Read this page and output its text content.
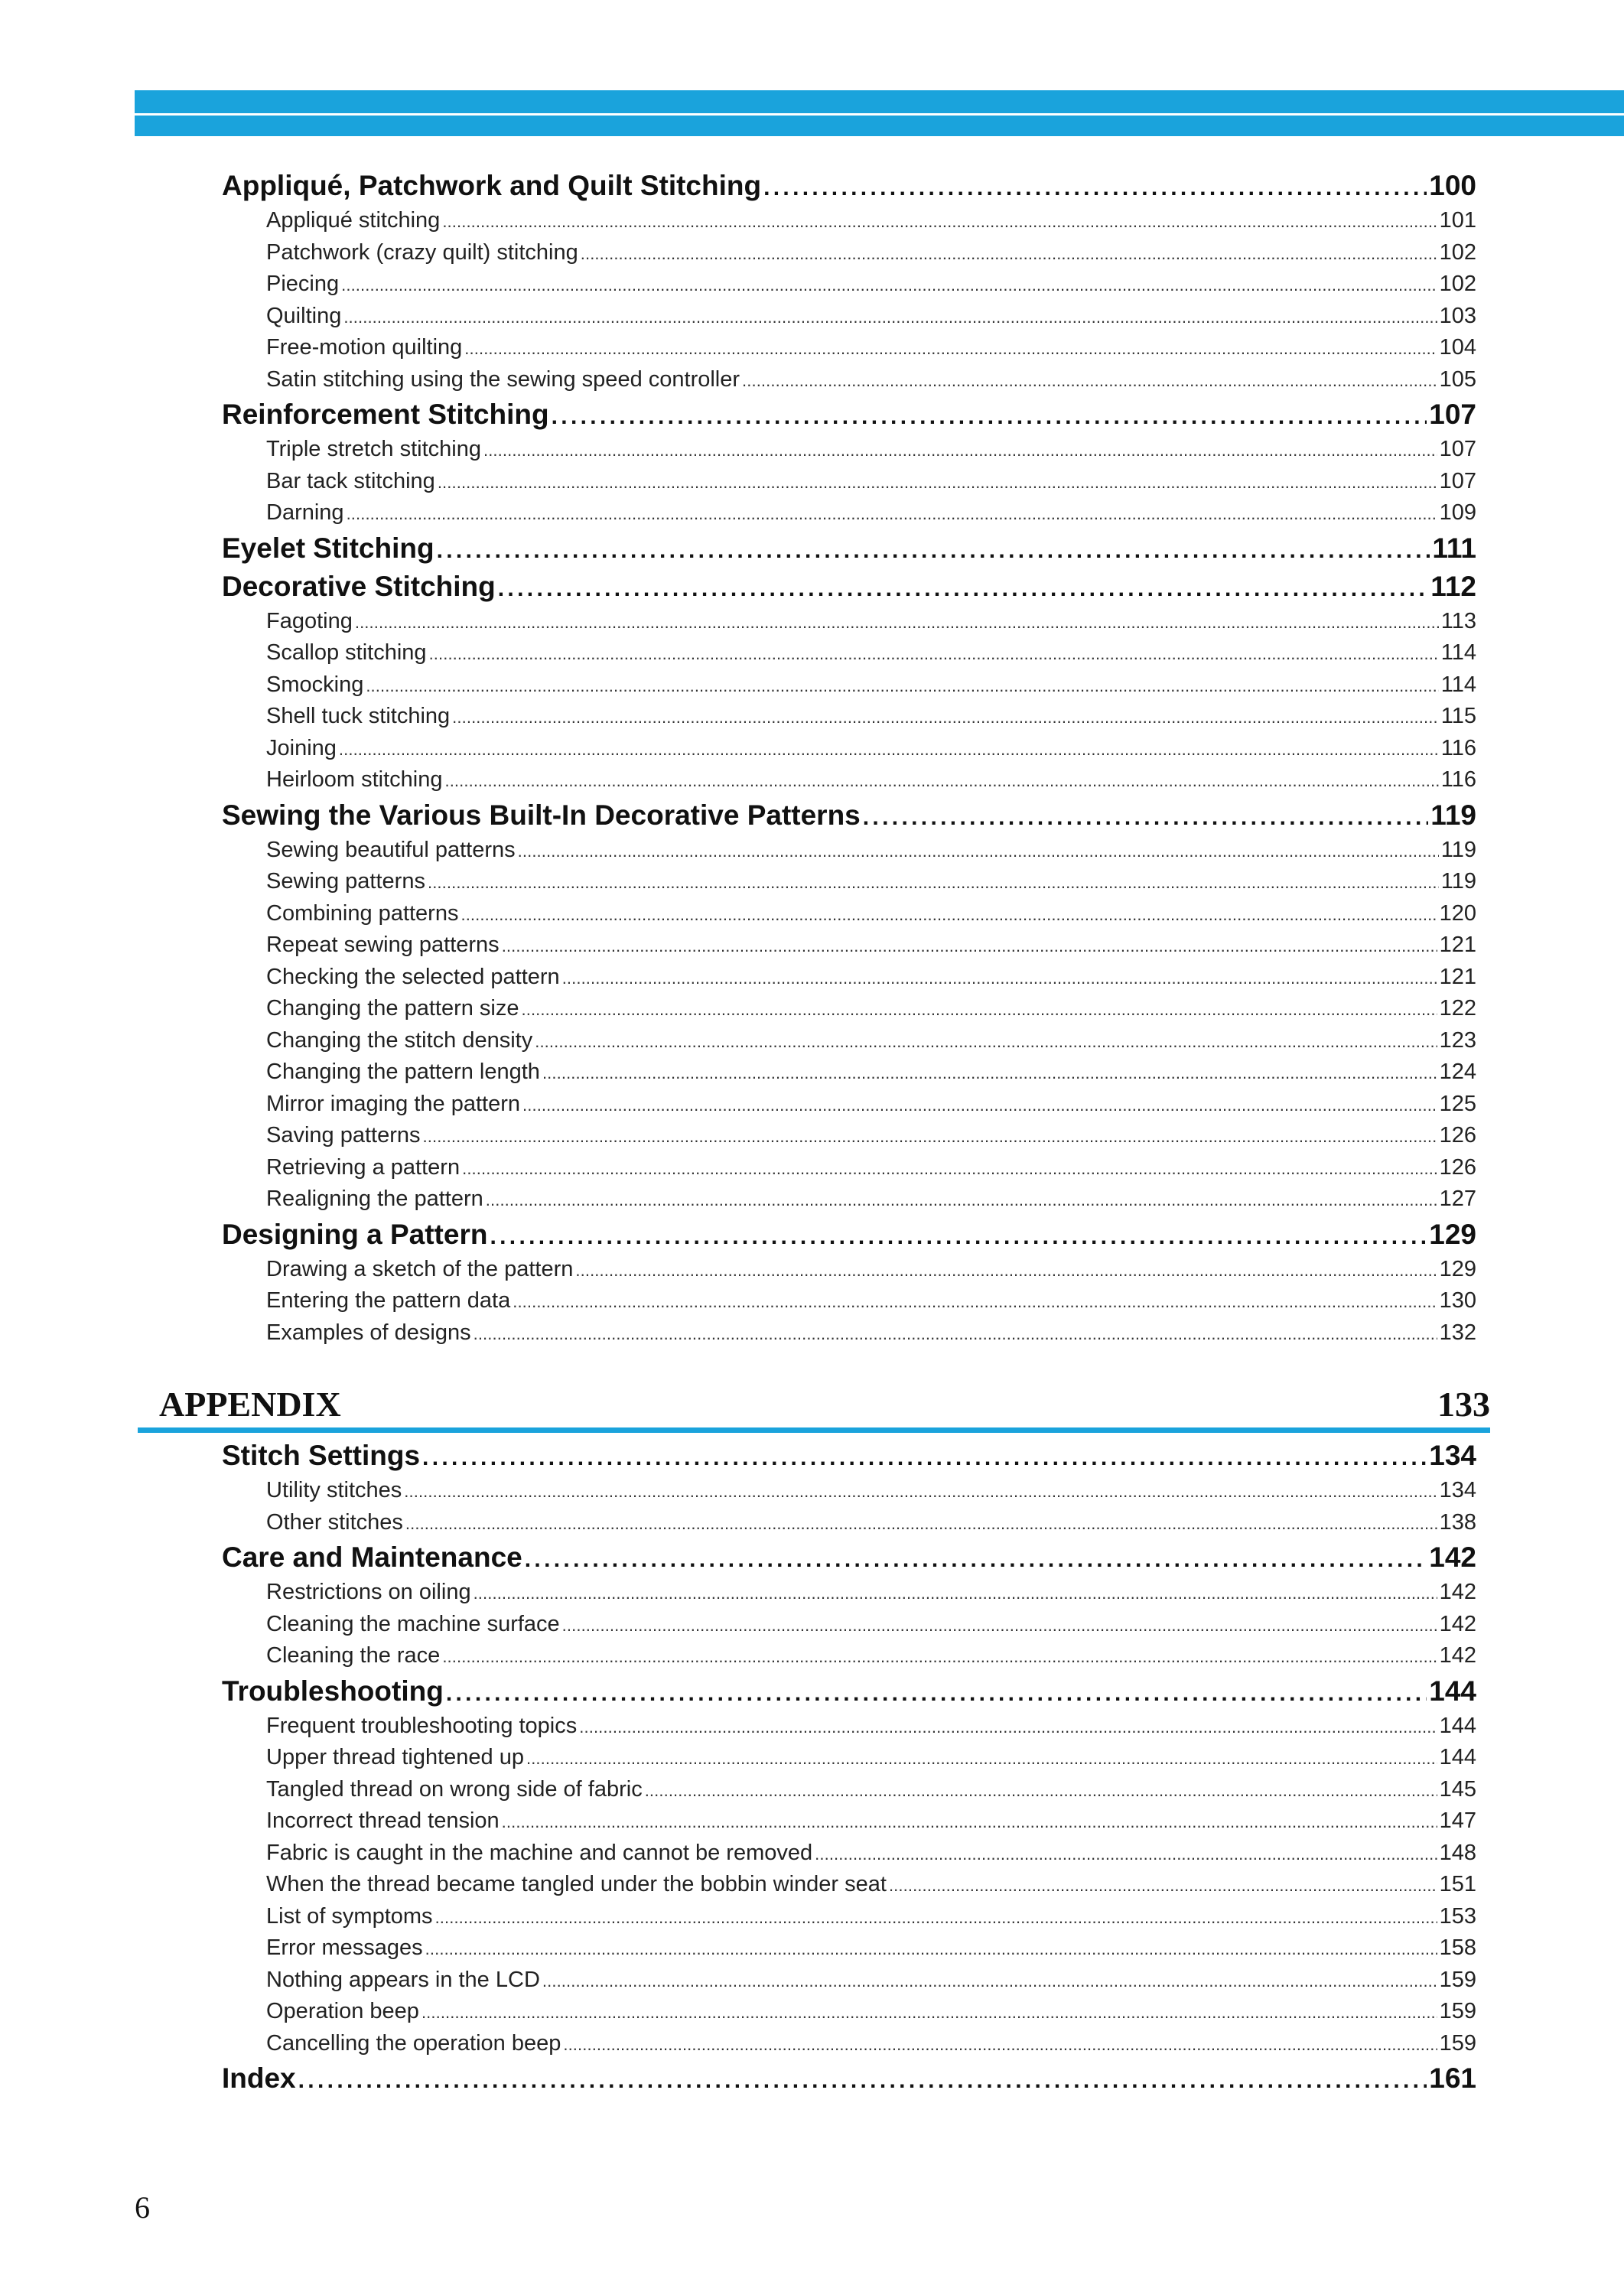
Appliqué, Patchwork and Quilt Stitching . . .	100
Appliqué stitching . . .	101
Patchwork (crazy quilt) stitching . . .	102
Piecing . . .	102
Quilting . . .	103
Free-motion quilting . . .	104
Satin stitching using the sewing speed controller . . .	105
Reinforcement Stitching . . .	107
Triple stretch stitching . . .	107
Bar tack stitching . . .	107
Darning . . .	109
Eyelet Stitching . . .	111
Decorative Stitching . . .	112
Fagoting . . .	113
Scallop stitching . . .	114
Smocking . . .	114
Shell tuck stitching . . .	115
Joining . . .	116
Heirloom stitching . . .	116
Sewing the Various Built-In Decorative Patterns . . .	119
Sewing beautiful patterns . . .	119
Sewing patterns . . .	119
Combining patterns . . .	120
Repeat sewing patterns . . .	121
Checking the selected pattern . . .	121
Changing the pattern size . . .	122
Changing the stitch density . . .	123
Changing the pattern length . . .	124
Mirror imaging the pattern . . .	125
Saving patterns . . .	126
Retrieving a pattern . . .	126
Realigning the pattern . . .	127
Designing a Pattern . . .	129
Drawing a sketch of the pattern . . .	129
Entering the pattern data . . .	130
Examples of designs . . .	132
APPENDIX	133
Stitch Settings . . .	134
Utility stitches . . .	134
Other stitches . . .	138
Care and Maintenance . . .	142
Restrictions on oiling . . .	142
Cleaning the machine surface . . .	142
Cleaning the race . . .	142
Troubleshooting . . .	144
Frequent troubleshooting topics . . .	144
Upper thread tightened up . . .	144
Tangled thread on wrong side of fabric . . .	145
Incorrect thread tension . . .	147
Fabric is caught in the machine and cannot be removed . . .	148
When the thread became tangled under the bobbin winder seat . . .	151
List of symptoms . . .	153
Error messages . . .	158
Nothing appears in the LCD . . .	159
Operation beep . . .	159
Cancelling the operation beep . . .	159
Index . . .	161
6
